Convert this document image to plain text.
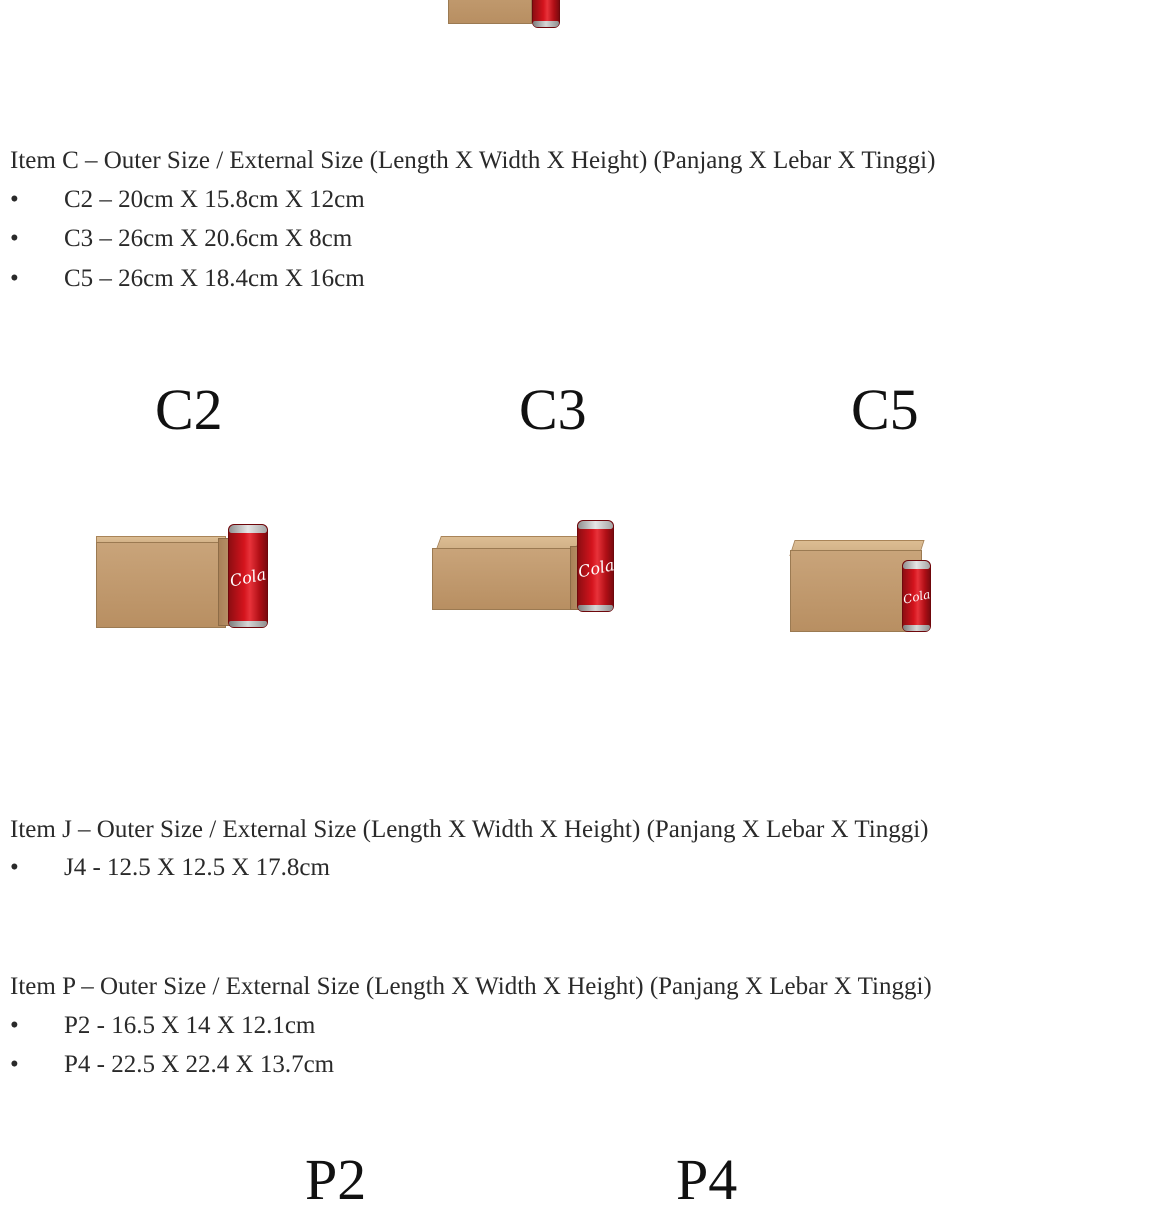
Item C – Outer Size / External Size (Length X Width X Height) (Panjang X Lebar X Tinggi)
• C2 – 20cm X 15.8cm X 12cm
• C3 – 26cm X 20.6cm X 8cm
• C5 – 26cm X 18.4cm X 16cm
C2	C3	C5
Cola	Cola
Cola
Item J – Outer Size / External Size (Length X Width X Height) (Panjang X Lebar X Tinggi)
• J4 - 12.5 X 12.5 X 17.8cm
Item P – Outer Size / External Size (Length X Width X Height) (Panjang X Lebar X Tinggi)
• P2 - 16.5 X 14 X 12.1cm
• P4 - 22.5 X 22.4 X 13.7cm
P2	P4
